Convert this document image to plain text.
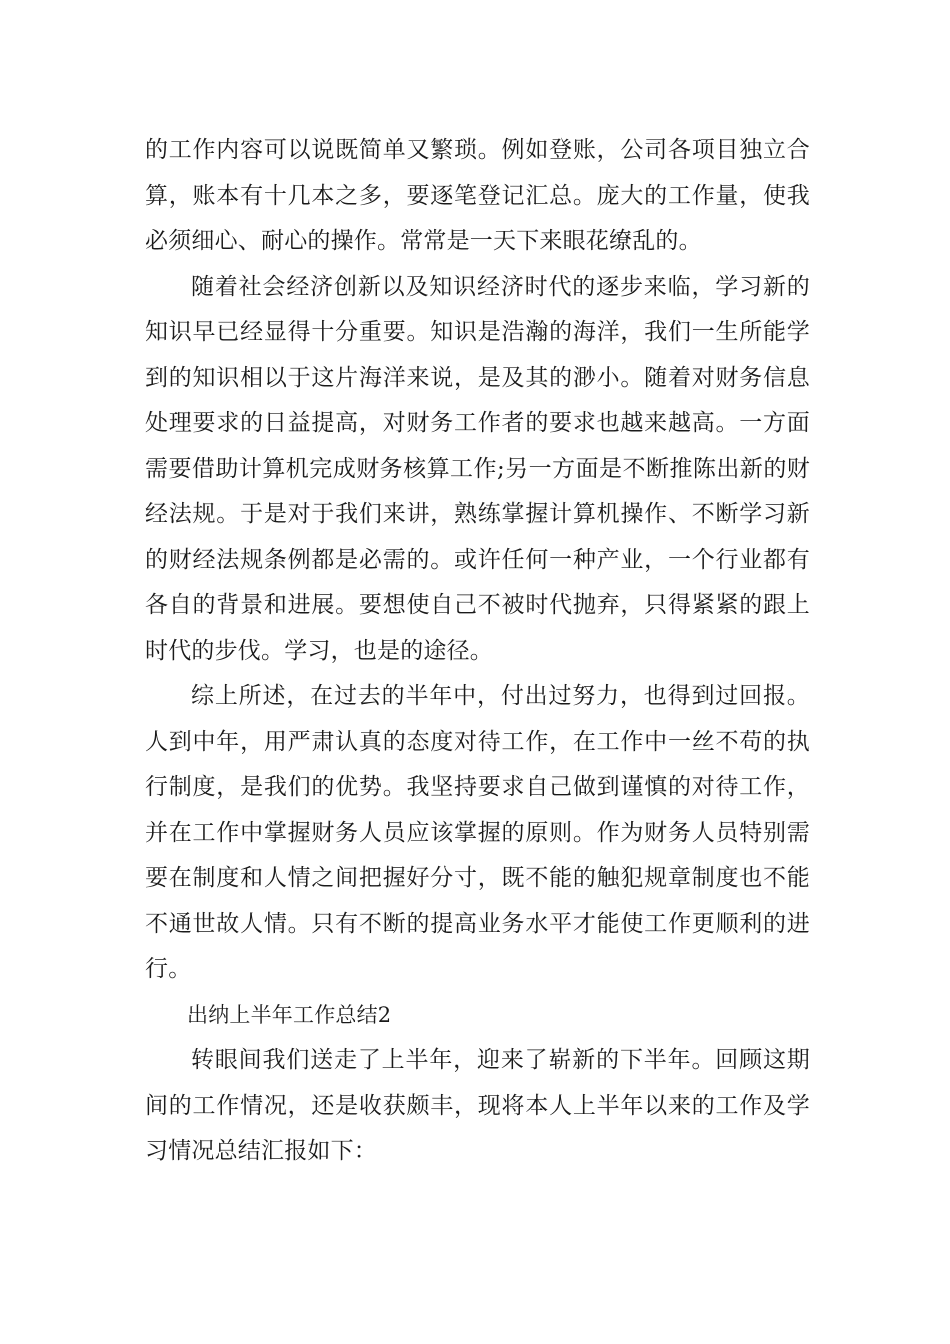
的工作内容可以说既简单又繁琐。例如登账，公司各项目独立合算，账本有十几本之多，要逐笔登记汇总。庞大的工作量，使我必须细心、耐心的操作。常常是一天下来眼花缭乱的。

随着社会经济创新以及知识经济时代的逐步来临，学习新的知识早已经显得十分重要。知识是浩瀚的海洋，我们一生所能学到的知识相以于这片海洋来说，是及其的渺小。随着对财务信息处理要求的日益提高，对财务工作者的要求也越来越高。一方面需要借助计算机完成财务核算工作;另一方面是不断推陈出新的财经法规。于是对于我们来讲，熟练掌握计算机操作、不断学习新的财经法规条例都是必需的。或许任何一种产业，一个行业都有各自的背景和进展。要想使自己不被时代抛弃，只得紧紧的跟上时代的步伐。学习，也是的途径。

综上所述，在过去的半年中，付出过努力，也得到过回报。人到中年，用严肃认真的态度对待工作，在工作中一丝不苟的执行制度，是我们的优势。我坚持要求自己做到谨慎的对待工作，并在工作中掌握财务人员应该掌握的原则。作为财务人员特别需要在制度和人情之间把握好分寸，既不能的触犯规章制度也不能不通世故人情。只有不断的提高业务水平才能使工作更顺利的进行。

出纳上半年工作总结2

转眼间我们送走了上半年，迎来了崭新的下半年。回顾这期间的工作情况，还是收获颇丰，现将本人上半年以来的工作及学习情况总结汇报如下：
